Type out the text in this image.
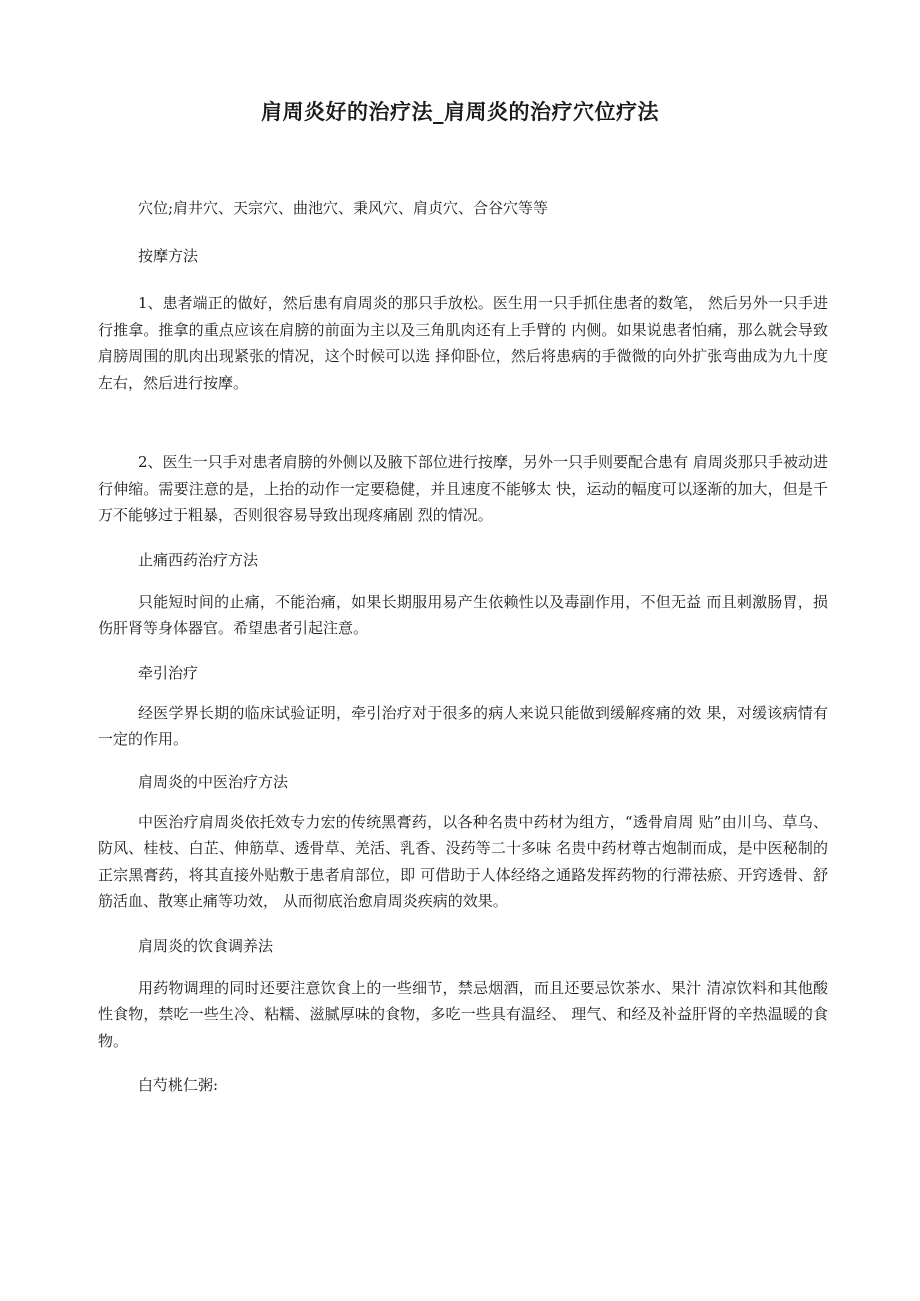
肩周炎好的治疗法_肩周炎的治疗穴位疗法

穴位;肩井穴、天宗穴、曲池穴、秉风穴、肩贞穴、合谷穴等等

按摩方法

1、患者端正的做好，然后患有肩周炎的那只手放松。医生用一只手抓住患者的数笔， 然后另外一只手进行推拿。推拿的重点应该在肩膀的前面为主以及三角肌肉还有上手臂的 内侧。如果说患者怕痛，那么就会导致肩膀周围的肌肉出现紧张的情况，这个时候可以选 择仰卧位，然后将患病的手微微的向外扩张弯曲成为九十度左右，然后进行按摩。

2、医生一只手对患者肩膀的外侧以及腋下部位进行按摩，另外一只手则要配合患有 肩周炎那只手被动进行伸缩。需要注意的是，上抬的动作一定要稳健，并且速度不能够太 快，运动的幅度可以逐渐的加大，但是千万不能够过于粗暴，否则很容易导致出现疼痛剧 烈的情况。

止痛西药治疗方法

只能短时间的止痛，不能治痛，如果长期服用易产生依赖性以及毒副作用，不但无益 而且刺激肠胃，损伤肝肾等身体器官。希望患者引起注意。

牵引治疗

经医学界长期的临床试验证明，牵引治疗对于很多的病人来说只能做到缓解疼痛的效 果，对缓该病情有一定的作用。

肩周炎的中医治疗方法

中医治疗肩周炎依托效专力宏的传统黑膏药，以各种名贵中药材为组方，“透骨肩周 贴”由川乌、草乌、防风、桂枝、白芷、伸筋草、透骨草、羌活、乳香、没药等二十多味 名贵中药材尊古炮制而成，是中医秘制的正宗黑膏药，将其直接外贴敷于患者肩部位，即 可借助于人体经络之通路发挥药物的行滞祛瘀、开窍透骨、舒筋活血、散寒止痛等功效， 从而彻底治愈肩周炎疾病的效果。

肩周炎的饮食调养法

用药物调理的同时还要注意饮食上的一些细节，禁忌烟酒，而且还要忌饮茶水、果汁 清凉饮料和其他酸性食物，禁吃一些生冷、粘糯、滋腻厚味的食物，多吃一些具有温经、 理气、和经及补益肝肾的辛热温暖的食物。

白芍桃仁粥:
